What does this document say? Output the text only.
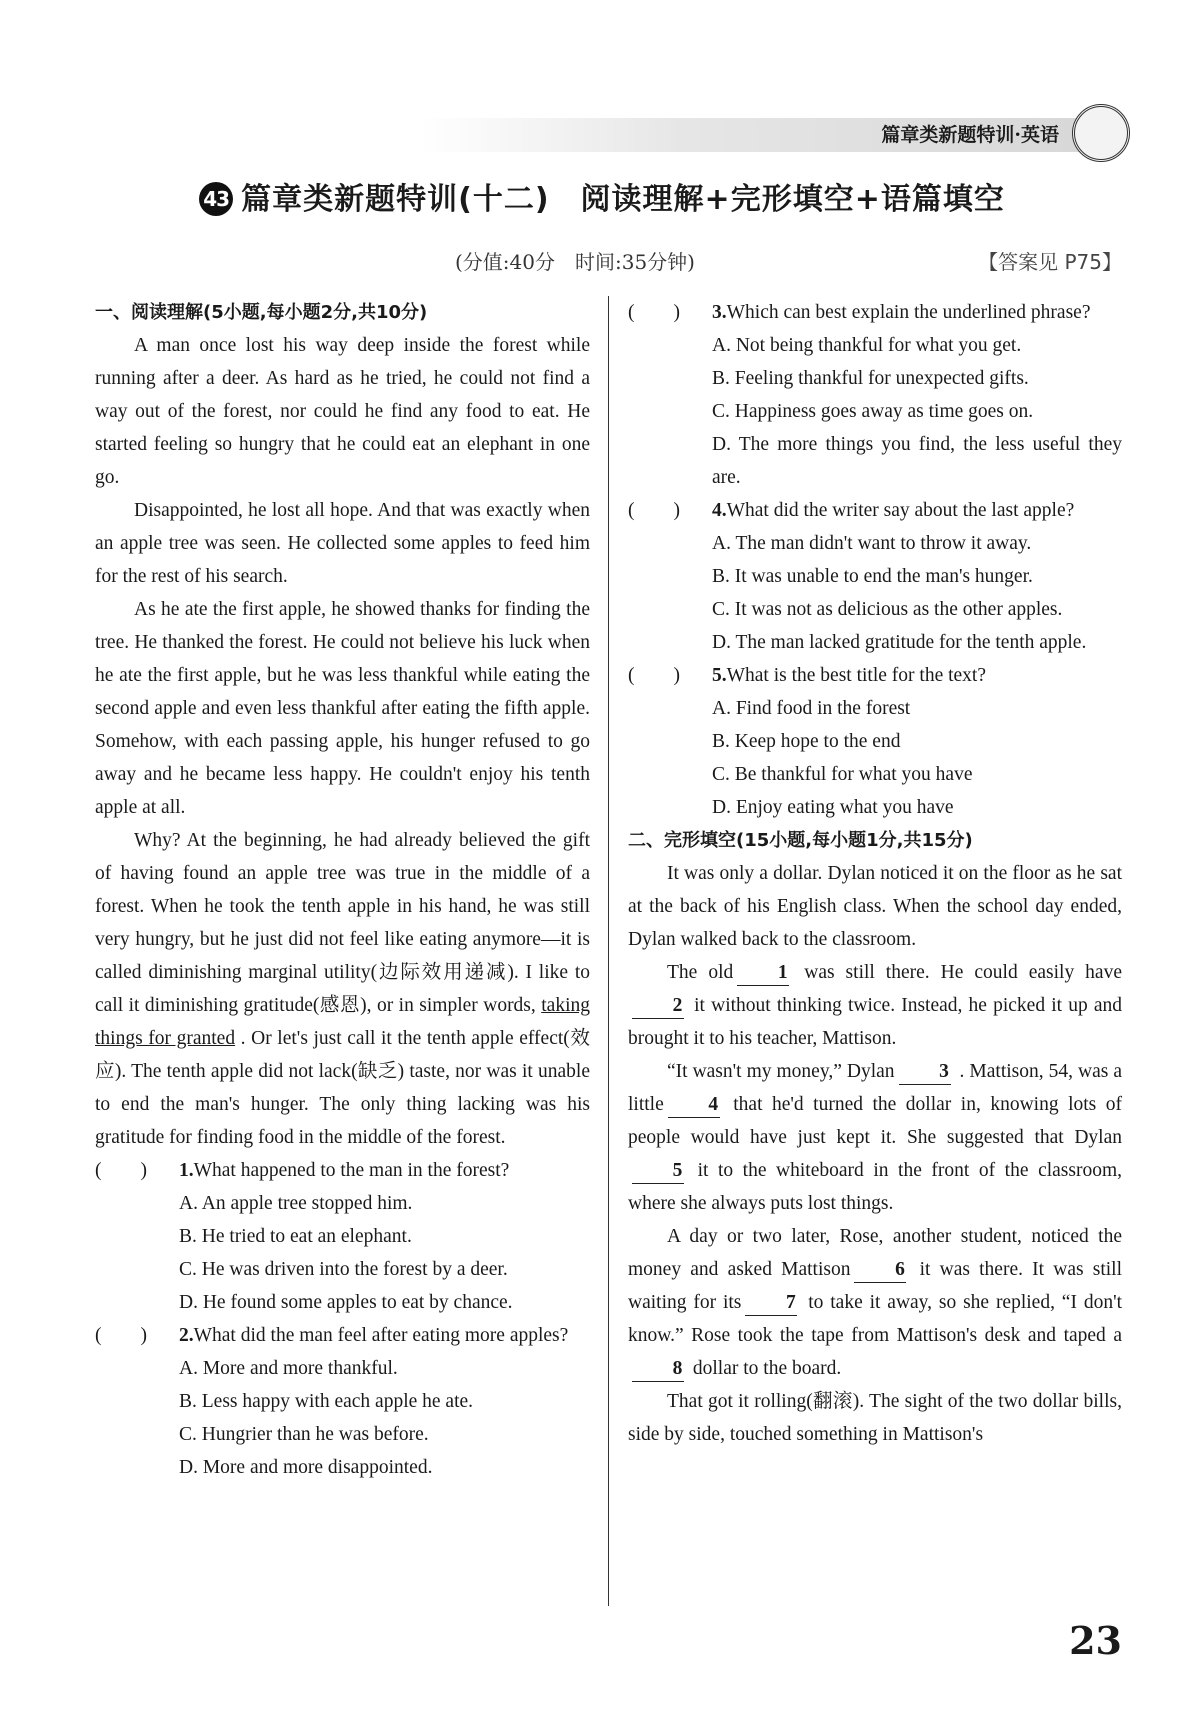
篇章类新题特训·英语
43 篇章类新题特训(十二)　阅读理解+完形填空+语篇填空
(分值:40分　时间:35分钟)	【答案见 P75】
一、阅读理解(5小题,每小题2分,共10分)

A man once lost his way deep inside the forest while running after a deer. As hard as he tried, he could not find a way out of the forest, nor could he find any food to eat. He started feeling so hungry that he could eat an elephant in one go.

Disappointed, he lost all hope. And that was exactly when an apple tree was seen. He collected some apples to feed him for the rest of his search.

As he ate the first apple, he showed thanks for finding the tree. He thanked the forest. He could not believe his luck when he ate the first apple, but he was less thankful while eating the second apple and even less thankful after eating the fifth apple. Somehow, with each passing apple, his hunger refused to go away and he became less happy. He couldn't enjoy his tenth apple at all.

Why? At the beginning, he had already believed the gift of having found an apple tree was true in the middle of a forest. When he took the tenth apple in his hand, he was still very hungry, but he just did not feel like eating anymore—it is called diminishing marginal utility(边际效用递减). I like to call it diminishing gratitude(感恩), or in simpler words, taking things for granted . Or let's just call it the tenth apple effect(效应). The tenth apple did not lack(缺乏) taste, nor was it unable to end the man's hunger. The only thing lacking was his gratitude for finding food in the middle of the forest.

(　　) 1.What happened to the man in the forest?
A. An apple tree stopped him.
B. He tried to eat an elephant.
C. He was driven into the forest by a deer.
D. He found some apples to eat by chance.
(　　) 2.What did the man feel after eating more apples?
A. More and more thankful.
B. Less happy with each apple he ate.
C. Hungrier than he was before.
D. More and more disappointed.
(　　) 3.Which can best explain the underlined phrase?
A. Not being thankful for what you get.
B. Feeling thankful for unexpected gifts.
C. Happiness goes away as time goes on.
D. The more things you find, the less useful they are.
(　　) 4.What did the writer say about the last apple?
A. The man didn't want to throw it away.
B. It was unable to end the man's hunger.
C. It was not as delicious as the other apples.
D. The man lacked gratitude for the tenth apple.
(　　) 5.What is the best title for the text?
A. Find food in the forest
B. Keep hope to the end
C. Be thankful for what you have
D. Enjoy eating what you have
二、完形填空(15小题,每小题1分,共15分)

It was only a dollar. Dylan noticed it on the floor as he sat at the back of his English class. When the school day ended, Dylan walked back to the classroom.

The old 1 was still there. He could easily have2 it without thinking twice. Instead, he picked it up and brought it to his teacher, Mattison.

“It wasn't my money,” Dylan 3 . Mattison, 54, was a little 4 that he'd turned the dollar in, knowing lots of people would have just kept it. She suggested that Dylan5 it to the whiteboard in the front of the classroom, where she always puts lost things.

A day or two later, Rose, another student, noticed the money and asked Mattison 6 it was there. It was still waiting for its 7 to take it away, so she replied, “I don't know.” Rose took the tape from Mattison's desk and taped a8 dollar to the board.

That got it rolling(翻滚). The sight of the two dollar bills, side by side, touched something in Mattison's

23
